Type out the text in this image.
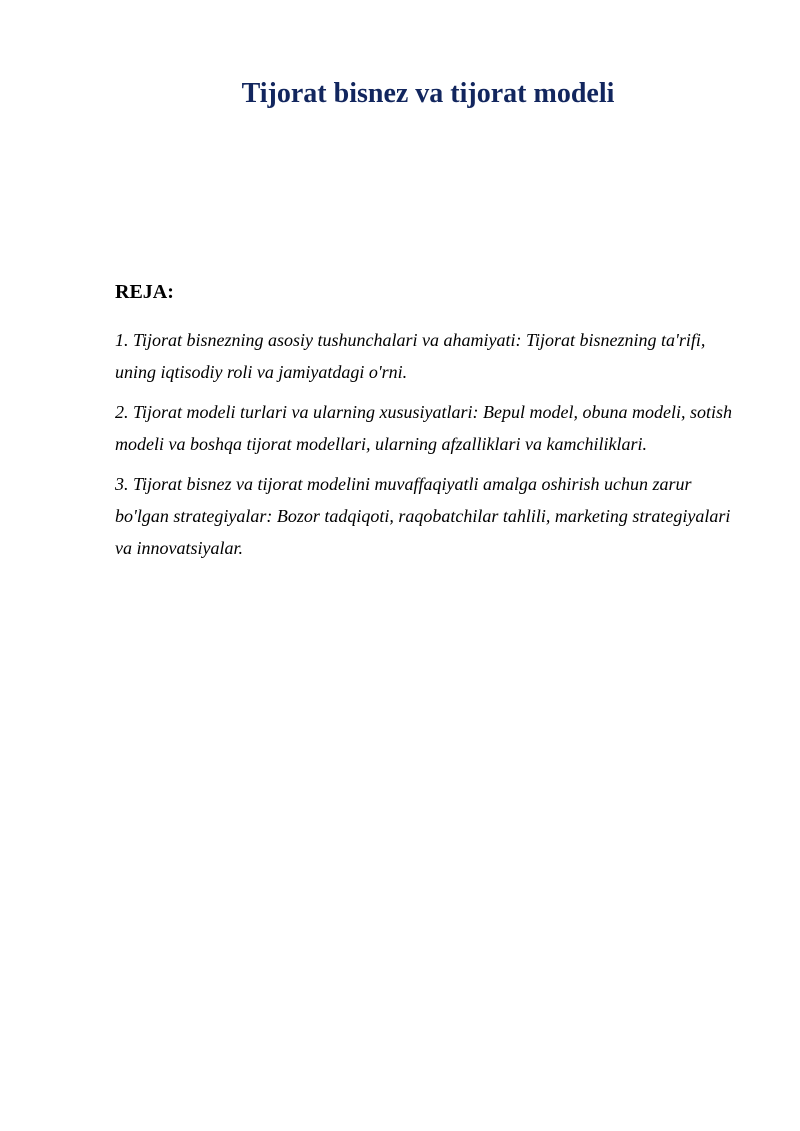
Tijorat bisnez va tijorat modeli
REJA:
1. Tijorat bisnezning asosiy tushunchalari va ahamiyati: Tijorat bisnezning ta'rifi, uning iqtisodiy roli va jamiyatdagi o'rni.
2. Tijorat modeli turlari va ularning xususiyatlari: Bepul model, obuna modeli, sotish modeli va boshqa tijorat modellari, ularning afzalliklari va kamchiliklari.
3. Tijorat bisnez va tijorat modelini muvaffaqiyatli amalga oshirish uchun zarur bo'lgan strategiyalar: Bozor tadqiqoti, raqobatchilar tahlili, marketing strategiyalari va innovatsiyalar.
